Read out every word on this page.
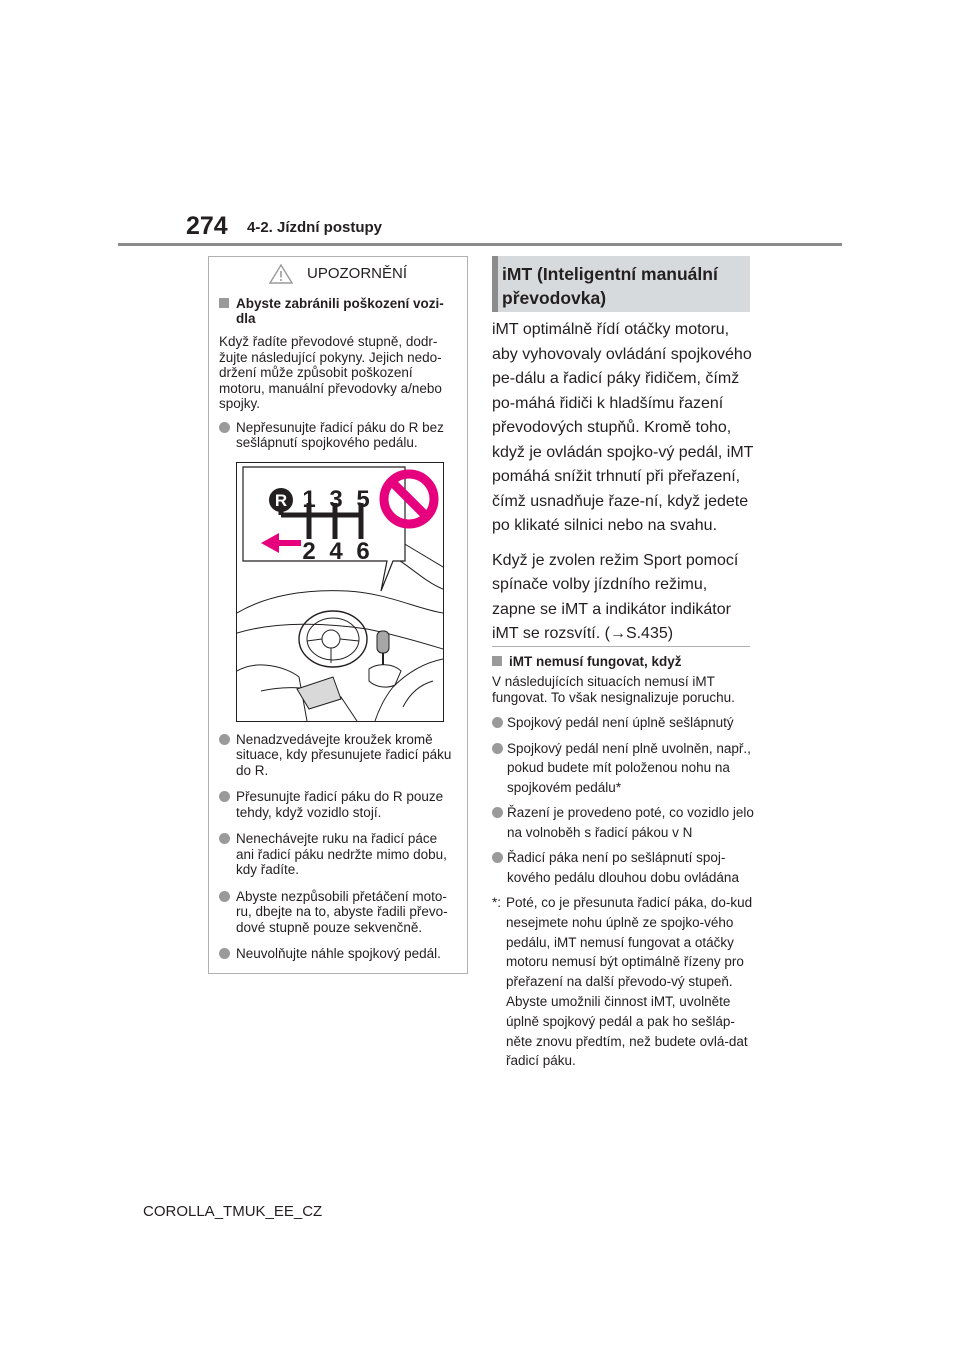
274 4-2. Jízdní postupy
UPOZORNĚNÍ
Abyste zabránili poškození vozi-dla

Když řadíte převodové stupně, dodr-žujte následující pokyny. Jejich nedo-držení může způsobit poškození motoru, manuální převodovky a/nebo spojky.

Nepřesunujte řadicí páku do R bez sešlápnutí spojkového pedálu.
R 1 3 5
2 4 6
Nenadzvedávejte kroužek kromě situace, kdy přesunujete řadicí páku do R.
Přesunujte řadicí páku do R pouze tehdy, když vozidlo stojí.
Nenechávejte ruku na řadicí páce ani řadicí páku nedržte mimo dobu, kdy řadíte.
Abyste nezpůsobili přetáčení moto-ru, dbejte na to, abyste řadili převo-dové stupně pouze sekvenčně.
Neuvolňujte náhle spojkový pedál.
iMT (Inteligentní manuální
převodovka)

iMT optimálně řídí otáčky motoru, aby vyhovovaly ovládání spojkového pe-dálu a řadicí páky řidičem, čímž po-máhá řidiči k hladšímu řazení převodových stupňů. Kromě toho, když je ovládán spojko-vý pedál, iMT pomáhá snížit trhnutí při přeřazení, čímž usnadňuje řaze-ní, když jedete po klikaté silnici nebo na svahu.

Když je zvolen režim Sport pomocí spínače volby jízdního režimu, zapne se iMT a indikátor indikátor iMT se rozsvítí. (→S.435)

iMT nemusí fungovat, když

V následujících situacích nemusí iMT fungovat. To však nesignalizuje poruchu.

Spojkový pedál není úplně sešlápnutý
Spojkový pedál není plně uvolněn, např., pokud budete mít položenou nohu na spojkovém pedálu*
Řazení je provedeno poté, co vozidlo jelo na volnoběh s řadicí pákou v N
Řadicí páka není po sešlápnutí spoj-kového pedálu dlouhou dobu ovládána
*: Poté, co je přesunuta řadicí páka, do-kud nesejmete nohu úplně ze spojko-vého pedálu, iMT nemusí fungovat a otáčky motoru nemusí být optimálně řízeny pro přeřazení na další převodo-vý stupeň. Abyste umožnili činnost iMT, uvolněte úplně spojkový pedál a pak ho sešláp-něte znovu předtím, než budete ovlá-dat řadicí páku.
COROLLA_TMUK_EE_CZ
